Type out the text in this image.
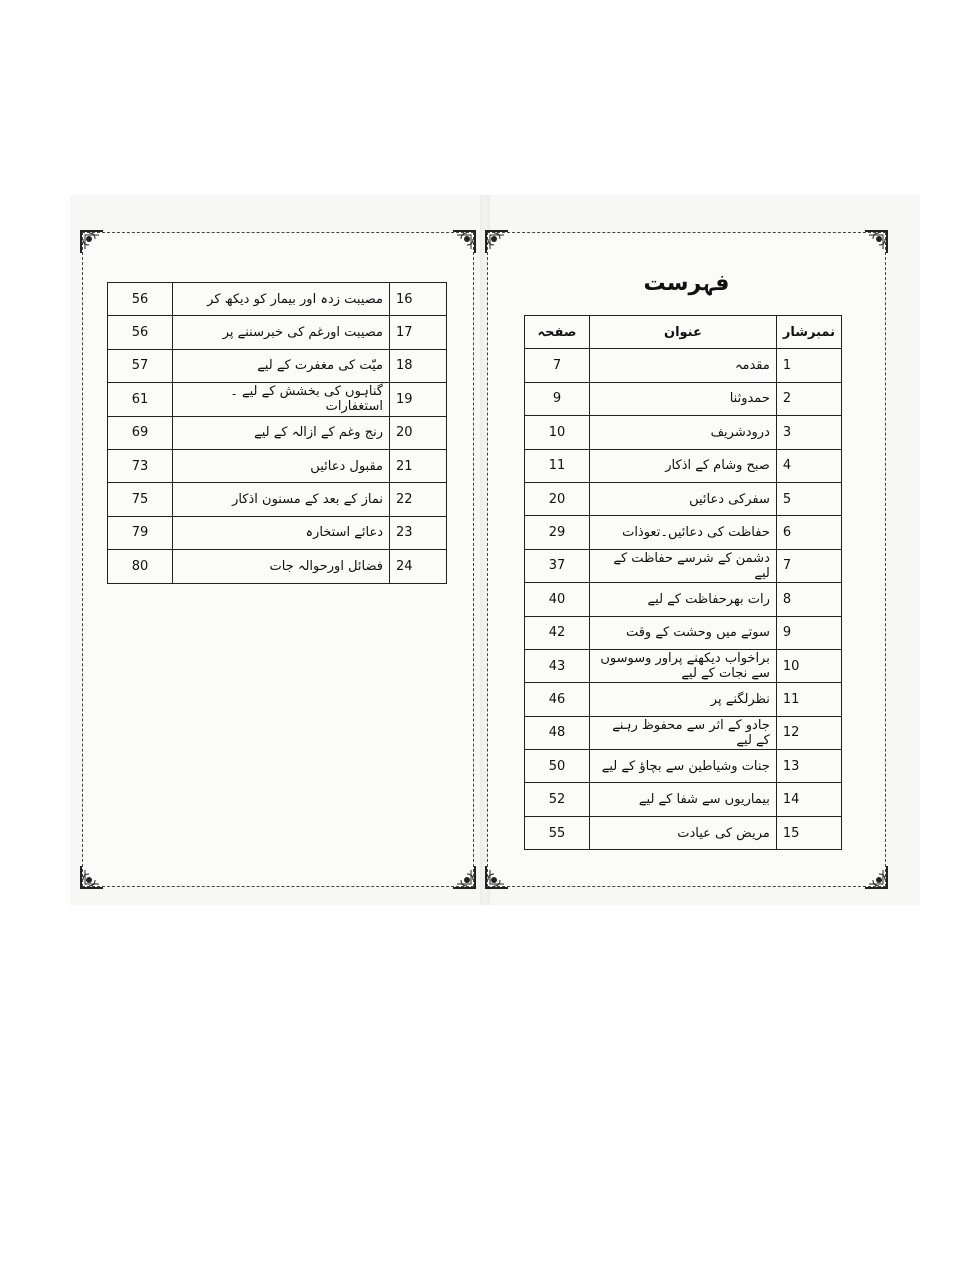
56	مصیبت زدہ اور بیمار کو دیکھ کر	16
56	مصیبت اورغم کی خبرسننے پر	17
57	میّت کی مغفرت کے لیے	18
61	گناہوں کی بخشش کے لیے ۔استغفارات	19
69	رنج وغم کے ازالہ کے لیے	20
73	مقبول دعائیں	21
75	نماز کے بعد کے مسنون اذکار	22
79	دعائے استخارہ	23
80	فضائل اورحوالہ جات	24
فہرست
صفحہ	عنوان	نمبرشار
7	مقدمہ	1
9	حمدوثنا	2
10	درودشریف	3
11	صبح وشام کے اذکار	4
20	سفرکی دعائیں	5
29	حفاظت کی دعائیں۔تعوذات	6
37	دشمن کے شرسے حفاظت کے لیے	7
40	رات بھرحفاظت کے لیے	8
42	سوتے میں وحشت کے وقت	9
43	براخواب دیکھنے پراور وسوسوں سے نجات کے لیے	10
46	نظرلگنے پر	11
48	جادو کے اثر سے محفوظ رہنے کے لیے	12
50	جنات وشیاطین سے بچاؤ کے لیے	13
52	بیماریوں سے شفا کے لیے	14
55	مریض کی عیادت	15
